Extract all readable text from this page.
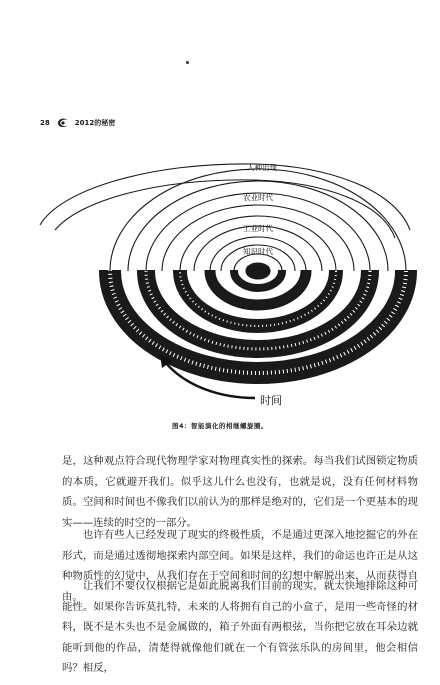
28	2012的秘密
人种出现
农业时代
工业时代
知识时代
智慧时代
时间
图4：智能演化的相继螺旋圈。

是，这种观点符合现代物理学家对物理真实性的探索。每当我们试图锁定物质的本质，它就避开我们。似乎这儿什么也没有，也就是说，没有任何材料物质。空间和时间也不像我们以前认为的那样是绝对的，它们是一个更基本的现实——连续的时空的一部分。

也许有些人已经发现了现实的终极性质，不是通过更深入地挖掘它的外在形式，而是通过透彻地探索内部空间。如果是这样，我们的命运也许正是从这种物质性的幻觉中，从我们存在于空间和时间的幻想中解脱出来，从而获得自由。

让我们不要仅仅根据它是如此脱离我们目前的现实，就太快地排除这种可能性。如果你告诉莫扎特，未来的人将拥有自己的小盒子，是用一些奇怪的材料，既不是木头也不是金属做的，箱子外面有两根弦，当你把它放在耳朵边就能听到他的作品，清楚得就像他们就在一个有管弦乐队的房间里，他会相信吗？相反，
